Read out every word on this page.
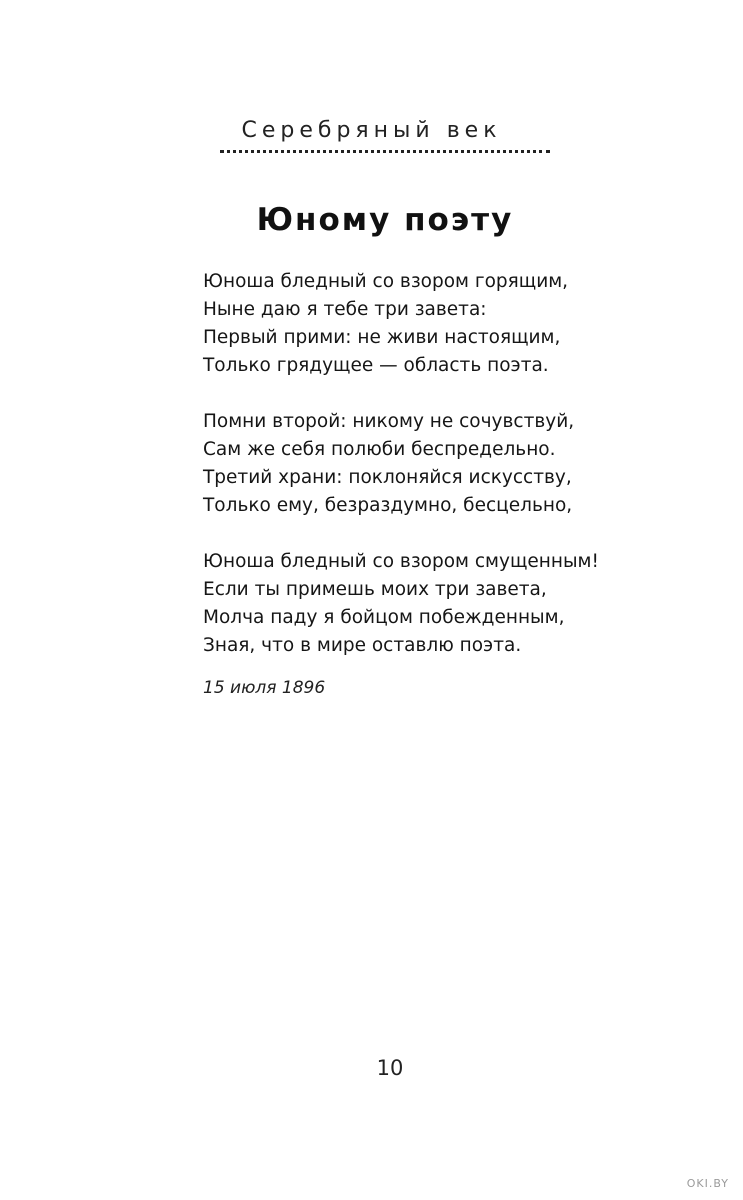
Серебряный век
Юному поэту
Юноша бледный со взором горящим,
Ныне даю я тебе три завета:
Первый прими: не живи настоящим,
Только грядущее — область поэта.
Помни второй: никому не сочувствуй,
Сам же себя полюби беспредельно.
Третий храни: поклоняйся искусству,
Только ему, безраздумно, бесцельно,
Юноша бледный со взором смущенным!
Если ты примешь моих три завета,
Молча паду я бойцом побежденным,
Зная, что в мире оставлю поэта.
15 июля 1896
10
OKI.BY
